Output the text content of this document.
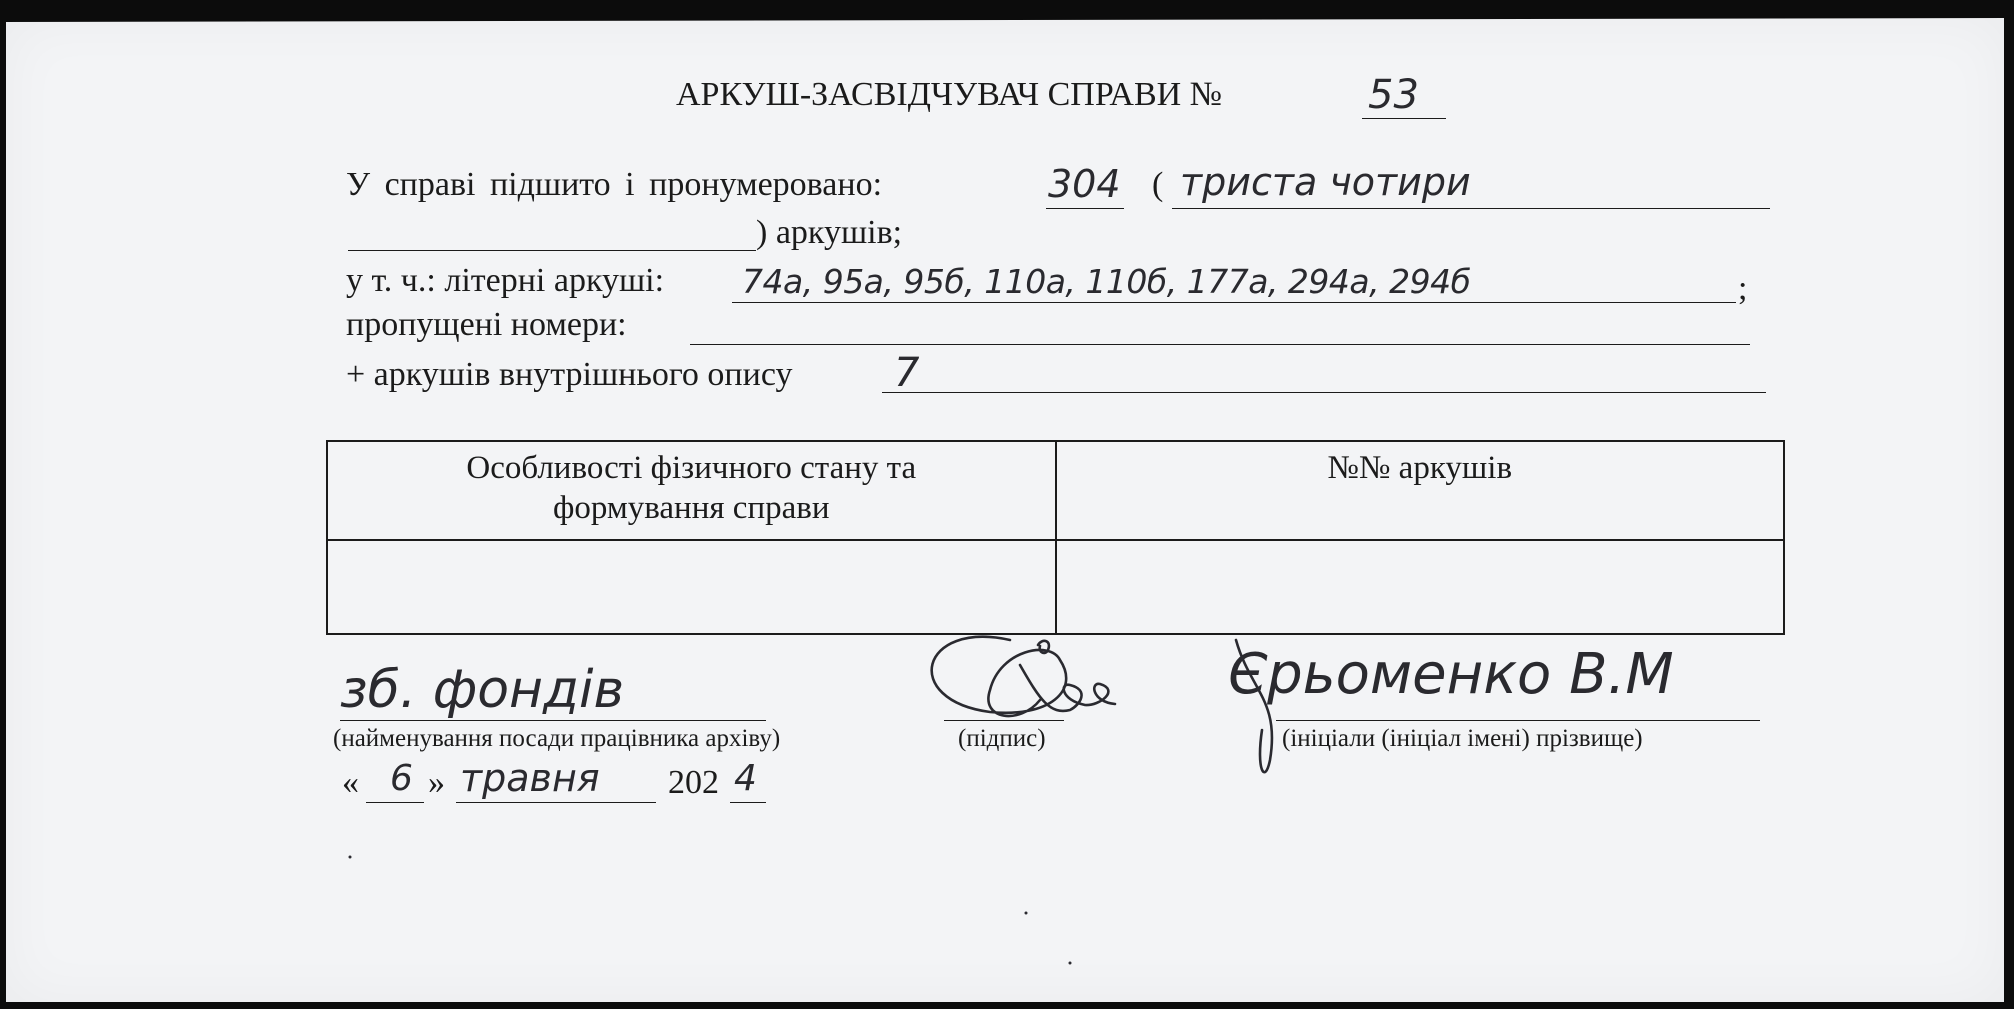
АРКУШ-ЗАСВІДЧУВАЧ СПРАВИ №	53
У справі підшито і пронумеровано:	304 ( триста чотири
) аркушів;
у т. ч.: літерні аркуші: 74а, 95а, 95б, 110а, 110б, 177а, 294а, 294б	;
пропущені номери:
+ аркушів внутрішнього опису	7
Особливості фізичного стану та
формування справи	№№ аркушів

зб. фондів
(найменування посади працівника архіву)	(підпис)
Єрьоменко В.М
(ініціали (ініціал імені) прізвище)
« 6 » травня 202 4
